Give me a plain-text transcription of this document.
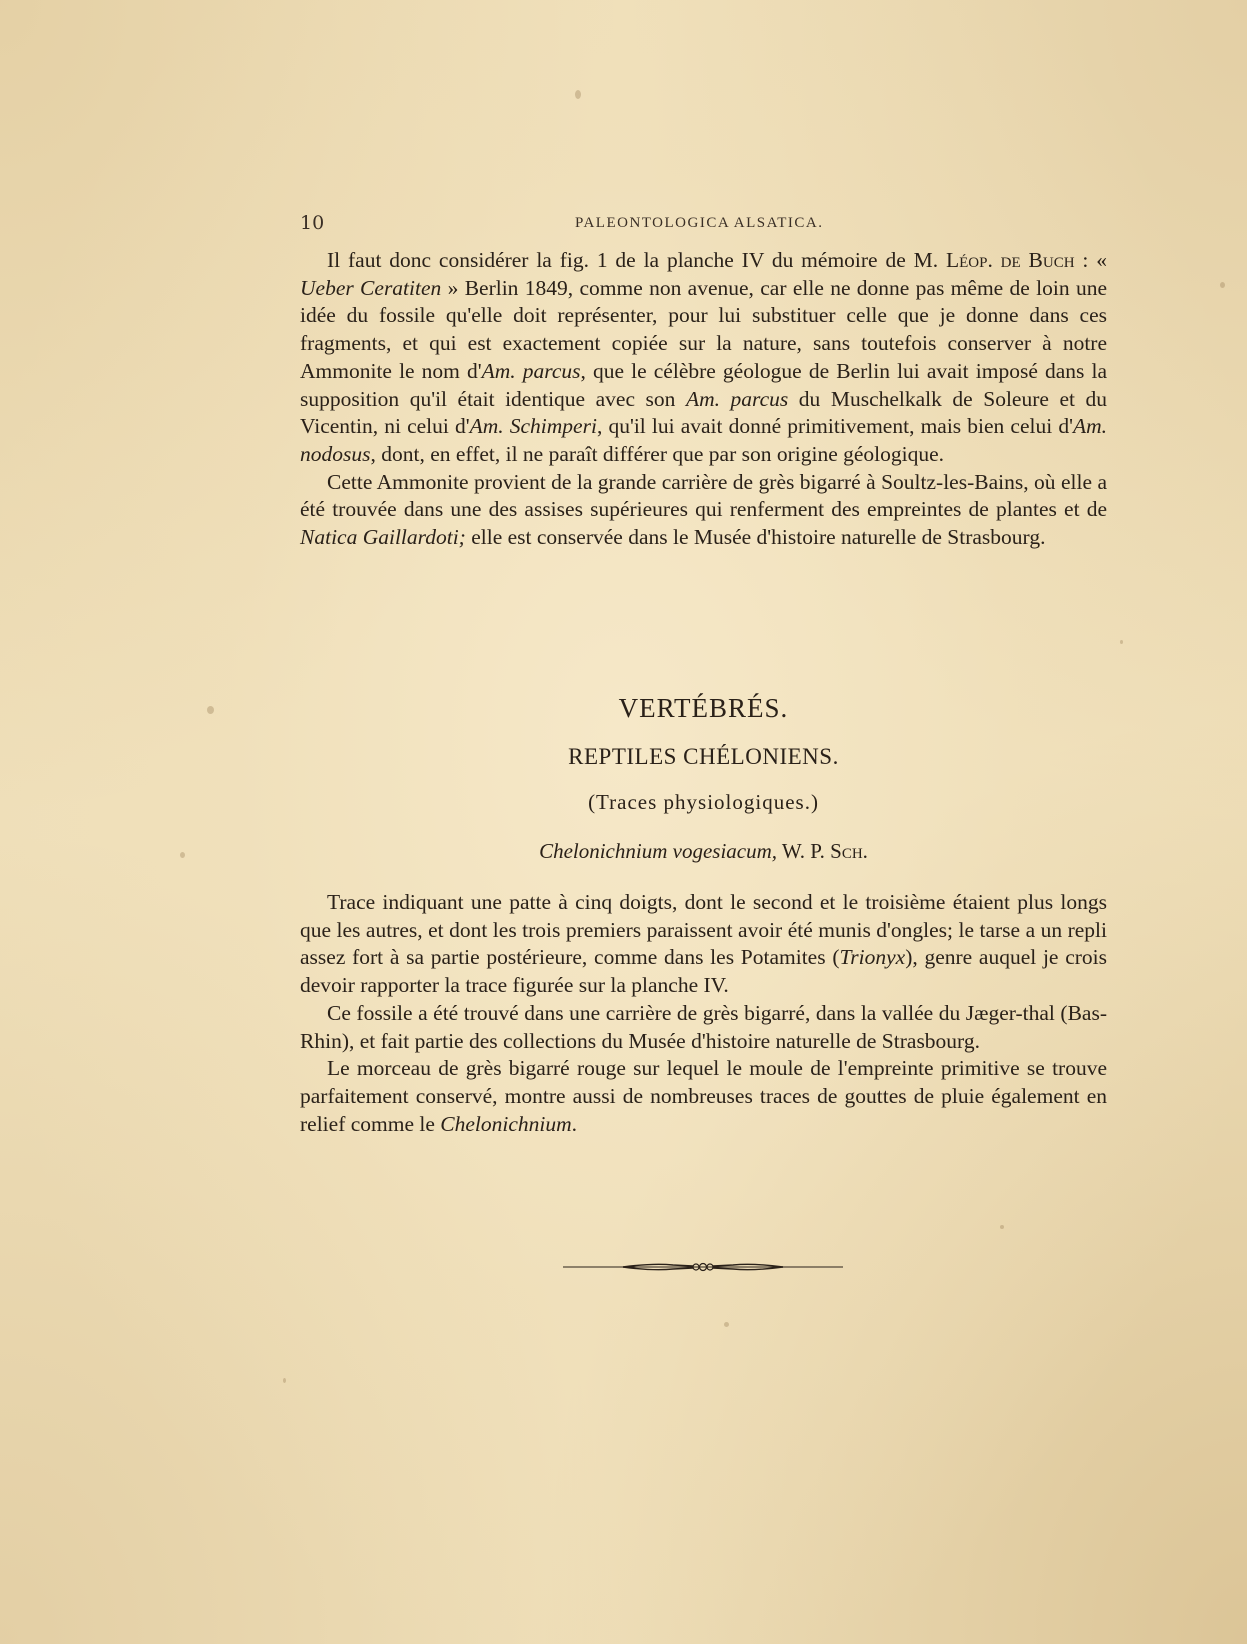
10	PALEONTOLOGICA ALSATICA.

Il faut donc considérer la fig. 1 de la planche IV du mémoire de M. Léop. de Buch : « Ueber Ceratiten » Berlin 1849, comme non avenue, car elle ne donne pas même de loin une idée du fossile qu'elle doit représenter, pour lui substituer celle que je donne dans ces fragments, et qui est exactement copiée sur la nature, sans toutefois conserver à notre Ammonite le nom d'Am. parcus, que le célèbre géologue de Berlin lui avait imposé dans la supposition qu'il était identique avec son Am. parcus du Muschelkalk de Soleure et du Vicentin, ni celui d'Am. Schimperi, qu'il lui avait donné primitivement, mais bien celui d'Am. nodosus, dont, en effet, il ne paraît différer que par son origine géologique.

Cette Ammonite provient de la grande carrière de grès bigarré à Soultz-les-Bains, où elle a été trouvée dans une des assises supérieures qui renferment des empreintes de plantes et de Natica Gaillardoti; elle est conservée dans le Musée d'histoire naturelle de Strasbourg.

VERTÉBRÉS.
REPTILES CHÉLONIENS.
(Traces physiologiques.)
Chelonichnium vogesiacum, W. P. Sch.

Trace indiquant une patte à cinq doigts, dont le second et le troisième étaient plus longs que les autres, et dont les trois premiers paraissent avoir été munis d'ongles; le tarse a un repli assez fort à sa partie postérieure, comme dans les Potamites (Trionyx), genre auquel je crois devoir rapporter la trace figurée sur la planche IV.

Ce fossile a été trouvé dans une carrière de grès bigarré, dans la vallée du Jæger-thal (Bas-Rhin), et fait partie des collections du Musée d'histoire naturelle de Strasbourg.

Le morceau de grès bigarré rouge sur lequel le moule de l'empreinte primitive se trouve parfaitement conservé, montre aussi de nombreuses traces de gouttes de pluie également en relief comme le Chelonichnium.
